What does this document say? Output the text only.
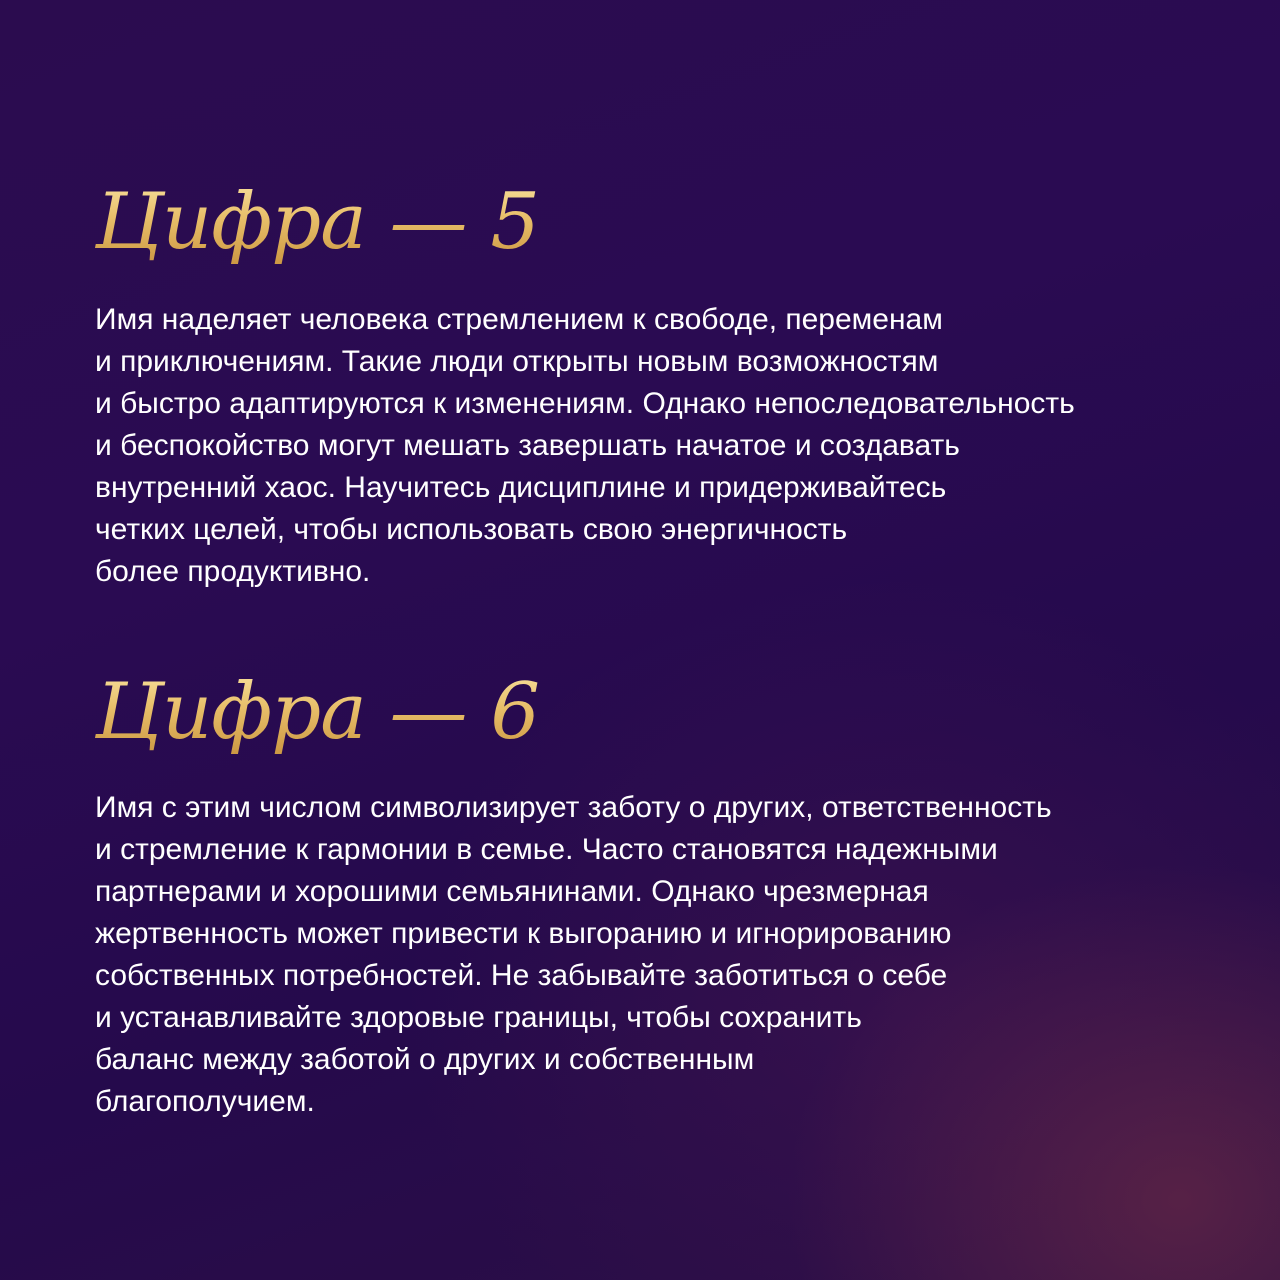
Цифра — 5

Имя наделяет человека стремлением к свободе, переменам
и приключениям. Такие люди открыты новым возможностям
и быстро адаптируются к изменениям. Однако непоследовательность
и беспокойство могут мешать завершать начатое и создавать
внутренний хаос. Научитесь дисциплине и придерживайтесь
четких целей, чтобы использовать свою энергичность
более продуктивно.

Цифра — 6

Имя с этим числом символизирует заботу о других, ответственность
и стремление к гармонии в семье. Часто становятся надежными
партнерами и хорошими семьянинами. Однако чрезмерная
жертвенность может привести к выгоранию и игнорированию
собственных потребностей. Не забывайте заботиться о себе
и устанавливайте здоровые границы, чтобы сохранить
баланс между заботой о других и собственным
благополучием.
